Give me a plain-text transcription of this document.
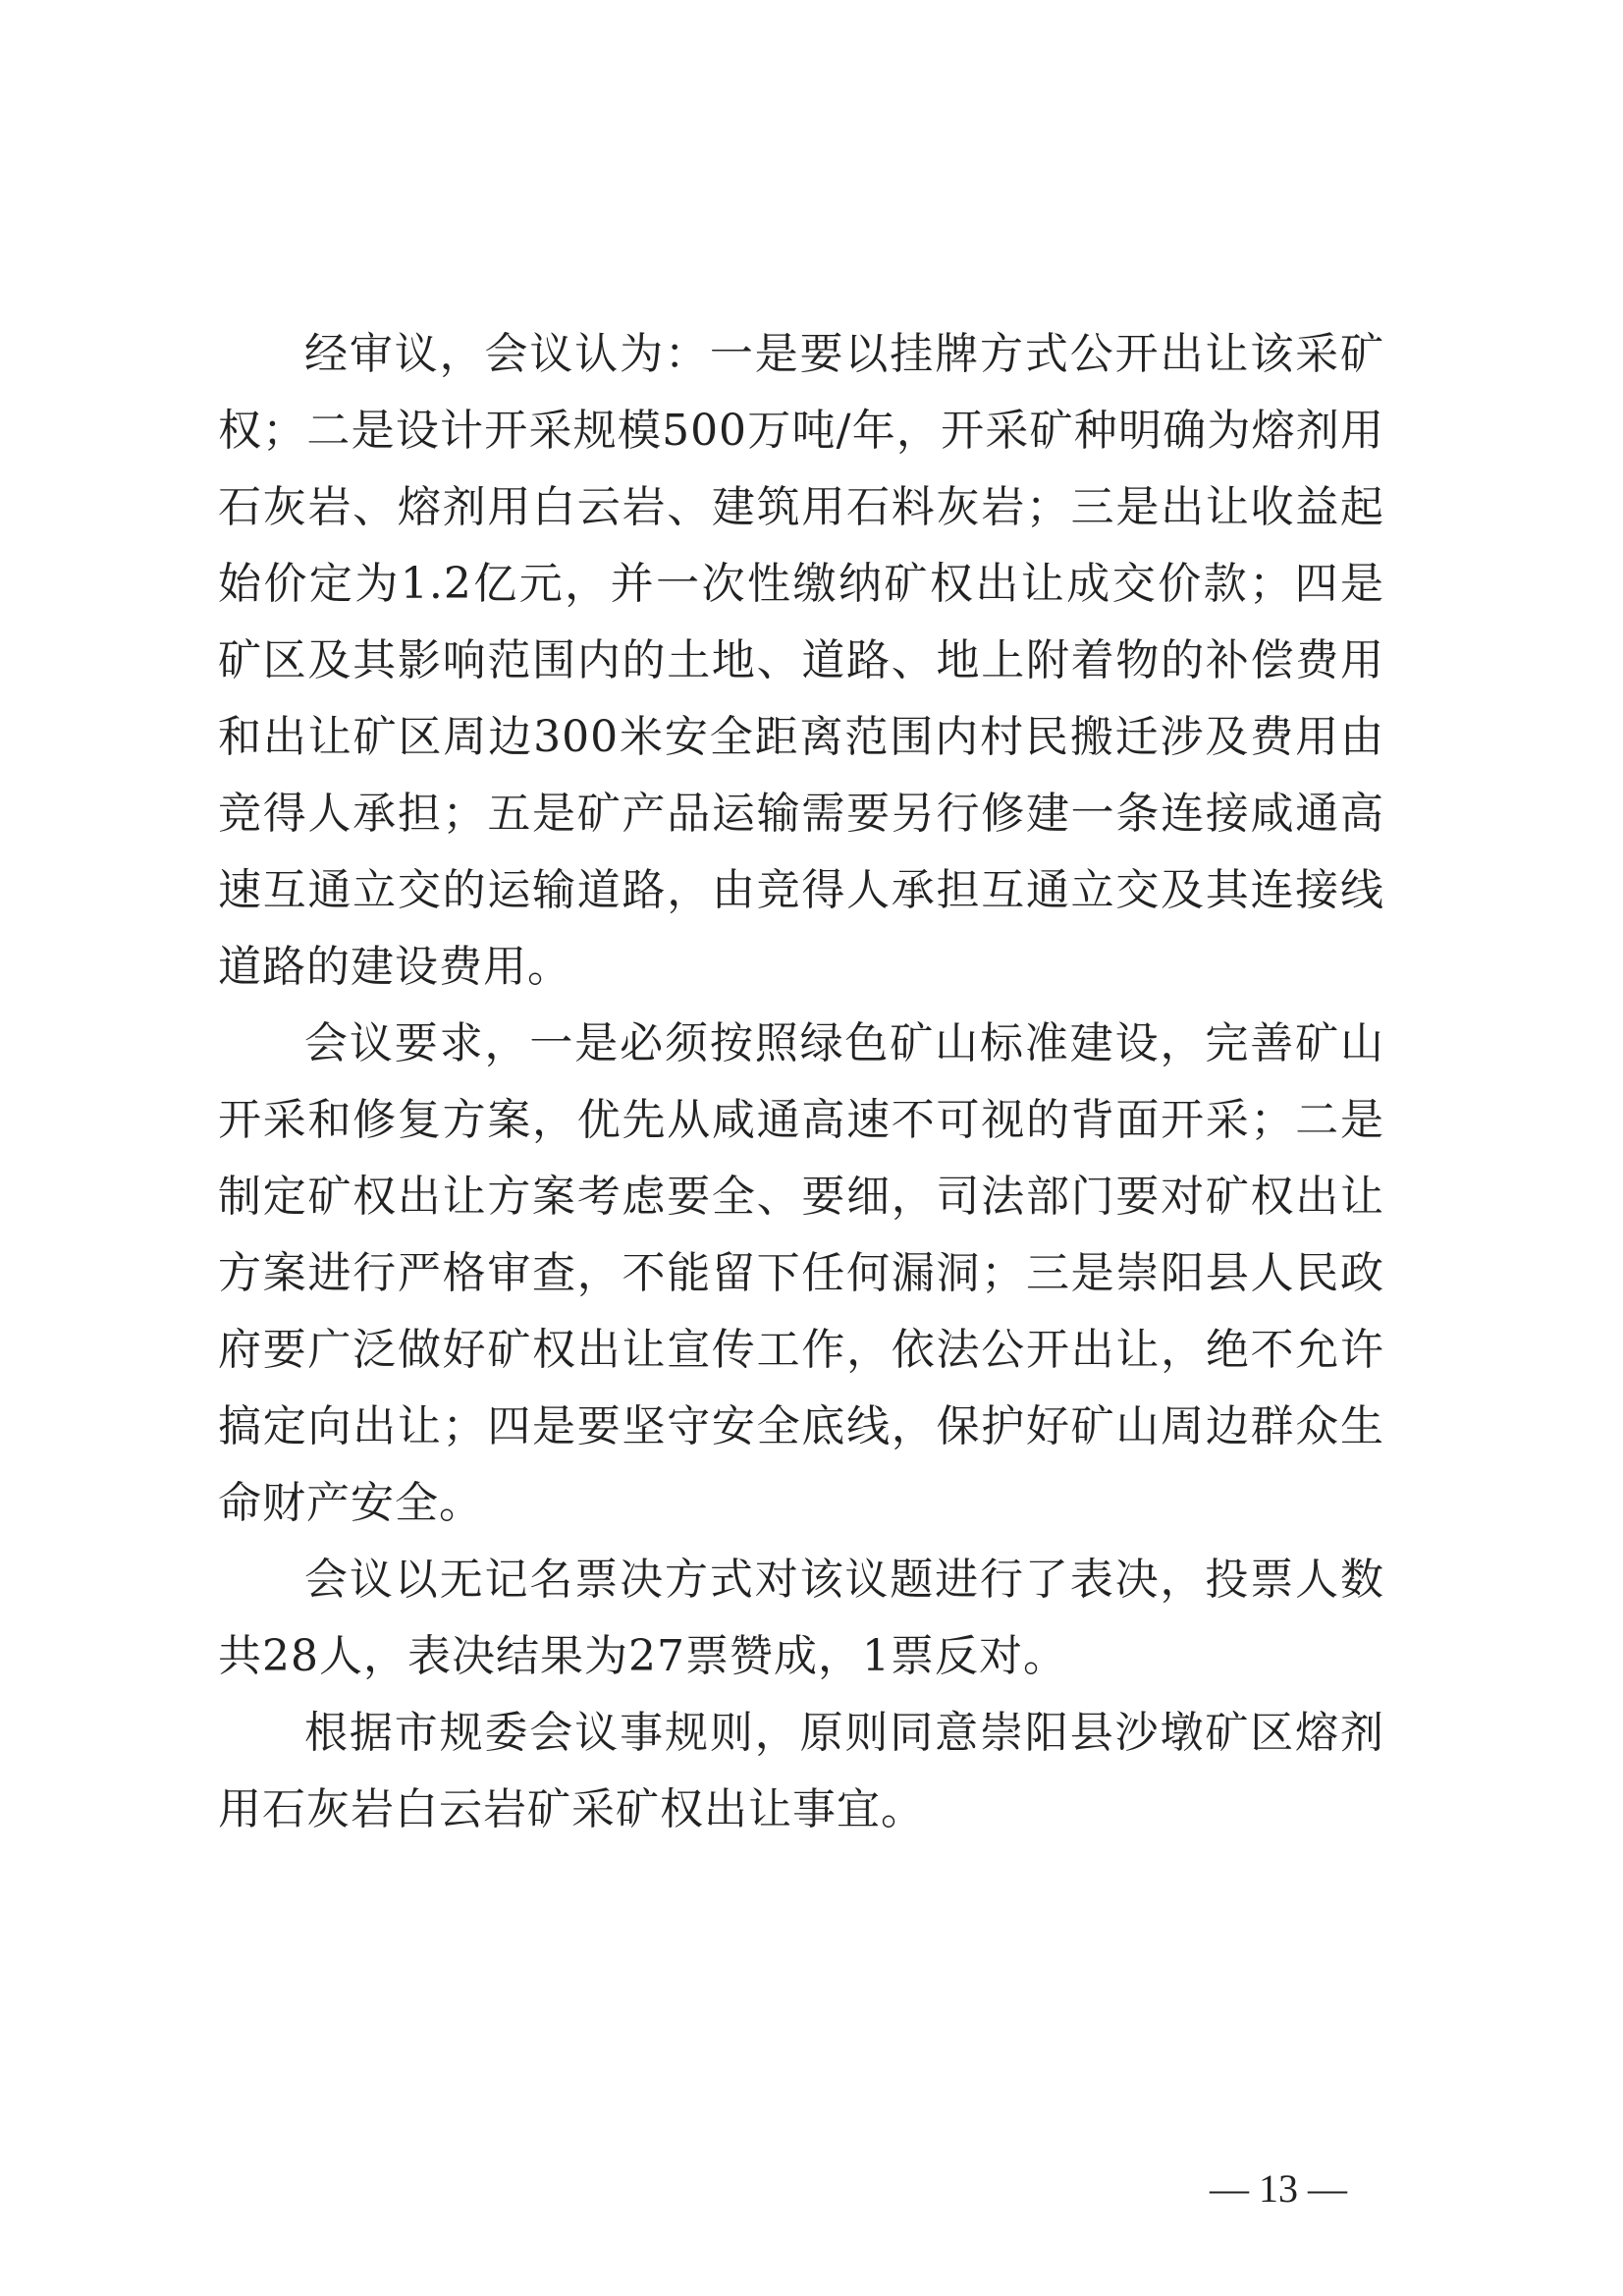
经审议，会议认为：一是要以挂牌方式公开出让该采矿权；二是设计开采规模500万吨/年，开采矿种明确为熔剂用石灰岩、熔剂用白云岩、建筑用石料灰岩；三是出让收益起始价定为1.2亿元，并一次性缴纳矿权出让成交价款；四是矿区及其影响范围内的土地、道路、地上附着物的补偿费用和出让矿区周边300米安全距离范围内村民搬迁涉及费用由竞得人承担；五是矿产品运输需要另行修建一条连接咸通高速互通立交的运输道路，由竞得人承担互通立交及其连接线道路的建设费用。

会议要求，一是必须按照绿色矿山标准建设，完善矿山开采和修复方案，优先从咸通高速不可视的背面开采；二是制定矿权出让方案考虑要全、要细，司法部门要对矿权出让方案进行严格审查，不能留下任何漏洞；三是崇阳县人民政府要广泛做好矿权出让宣传工作，依法公开出让，绝不允许搞定向出让；四是要坚守安全底线，保护好矿山周边群众生命财产安全。

会议以无记名票决方式对该议题进行了表决，投票人数共28人，表决结果为27票赞成，1票反对。

根据市规委会议事规则，原则同意崇阳县沙墩矿区熔剂用石灰岩白云岩矿采矿权出让事宜。

— 13 —
